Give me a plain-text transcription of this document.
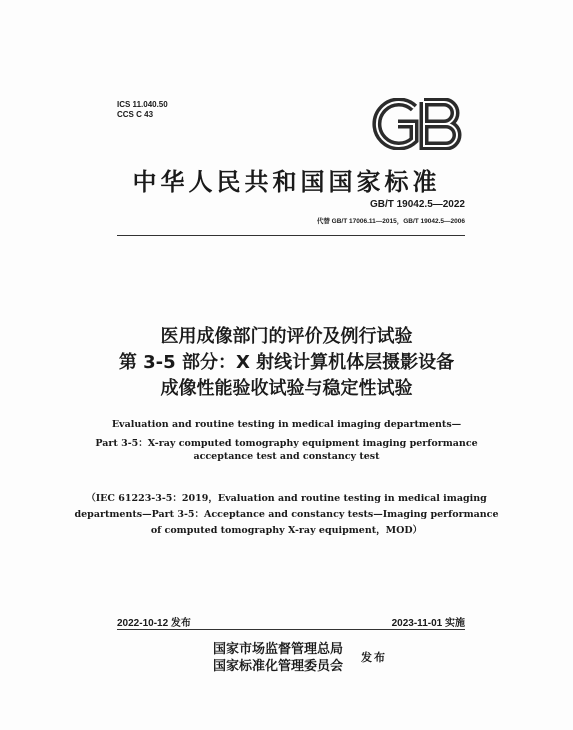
ICS 11.040.50
CCS C 43
中华人民共和国国家标准
GB/T 19042.5—2022
代替 GB/T 17006.11—2015，GB/T 19042.5—2006
医用成像部门的评价及例行试验
第 3-5 部分：X 射线计算机体层摄影设备
成像性能验收试验与稳定性试验
Evaluation and routine testing in medical imaging departments—
Part 3-5：X-ray computed tomography equipment imaging performance
acceptance test and constancy test
（IEC 61223-3-5：2019，Evaluation and routine testing in medical imaging
departments—Part 3-5：Acceptance and constancy tests—Imaging performance
of computed tomography X-ray equipment，MOD）
2022-10-12 发布	2023-11-01 实施
国家市场监督管理总局
国家标准化管理委员会
发布
